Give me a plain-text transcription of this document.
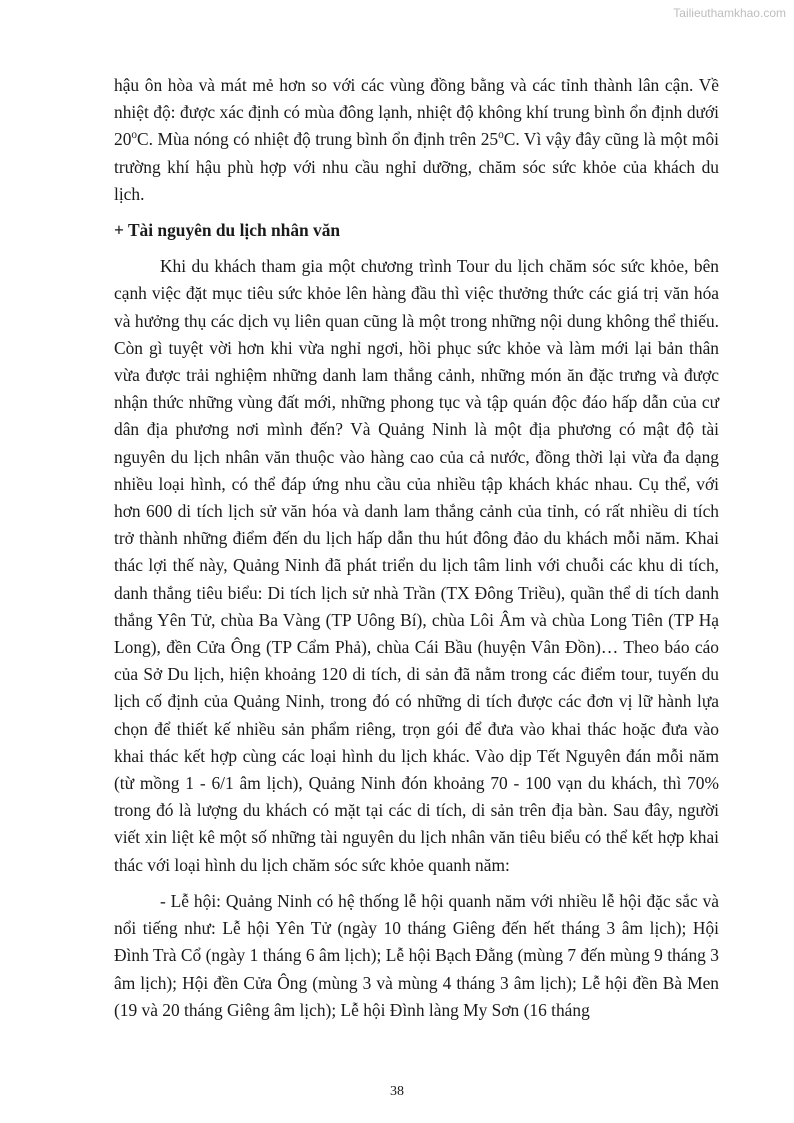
Tailieuthamkhao.com

hậu ôn hòa và mát mẻ hơn so với các vùng đồng bằng và các tỉnh thành lân cận. Về nhiệt độ: được xác định có mùa đông lạnh, nhiệt độ không khí trung bình ổn định dưới 20$^o$C. Mùa nóng có nhiệt độ trung bình ổn định trên 25$^o$C. Vì vậy đây cũng là một môi trường khí hậu phù hợp với nhu cầu nghỉ dưỡng, chăm sóc sức khỏe của khách du lịch.

+ Tài nguyên du lịch nhân văn

Khi du khách tham gia một chương trình Tour du lịch chăm sóc sức khỏe, bên cạnh việc đặt mục tiêu sức khỏe lên hàng đầu thì việc thưởng thức các giá trị văn hóa và hưởng thụ các dịch vụ liên quan cũng là một trong những nội dung không thể thiếu. Còn gì tuyệt vời hơn khi vừa nghỉ ngơi, hồi phục sức khỏe và làm mới lại bản thân vừa được trải nghiệm những danh lam thắng cảnh, những món ăn đặc trưng và được nhận thức những vùng đất mới, những phong tục và tập quán độc đáo hấp dẫn của cư dân địa phương nơi mình đến? Và Quảng Ninh là một địa phương có mật độ tài nguyên du lịch nhân văn thuộc vào hàng cao của cả nước, đồng thời lại vừa đa dạng nhiều loại hình, có thể đáp ứng nhu cầu của nhiều tập khách khác nhau. Cụ thể, với hơn 600 di tích lịch sử văn hóa và danh lam thắng cảnh của tỉnh, có rất nhiều di tích trở thành những điểm đến du lịch hấp dẫn thu hút đông đảo du khách mỗi năm. Khai thác lợi thế này, Quảng Ninh đã phát triển du lịch tâm linh với chuỗi các khu di tích, danh thắng tiêu biểu: Di tích lịch sử nhà Trần (TX Đông Triều), quần thể di tích danh thắng Yên Tử, chùa Ba Vàng (TP Uông Bí), chùa Lôi Âm và chùa Long Tiên (TP Hạ Long), đền Cửa Ông (TP Cẩm Phả), chùa Cái Bầu (huyện Vân Đồn)… Theo báo cáo của Sở Du lịch, hiện khoảng 120 di tích, di sản đã nằm trong các điểm tour, tuyến du lịch cố định của Quảng Ninh, trong đó có những di tích được các đơn vị lữ hành lựa chọn để thiết kế nhiều sản phẩm riêng, trọn gói để đưa vào khai thác hoặc đưa vào khai thác kết hợp cùng các loại hình du lịch khác. Vào dịp Tết Nguyên đán mỗi năm (từ mồng 1 - 6/1 âm lịch), Quảng Ninh đón khoảng 70 - 100 vạn du khách, thì 70% trong đó là lượng du khách có mặt tại các di tích, di sản trên địa bàn. Sau đây, người viết xin liệt kê một số những tài nguyên du lịch nhân văn tiêu biểu có thể kết hợp khai thác với loại hình du lịch chăm sóc sức khỏe quanh năm:

- Lễ hội: Quảng Ninh có hệ thống lễ hội quanh năm với nhiều lễ hội đặc sắc và nổi tiếng như: Lễ hội Yên Tử (ngày 10 tháng Giêng đến hết tháng 3 âm lịch); Hội Đình Trà Cổ (ngày 1 tháng 6 âm lịch); Lễ hội Bạch Đằng (mùng 7 đến mùng 9 tháng 3 âm lịch); Hội đền Cửa Ông (mùng 3 và mùng 4 tháng 3 âm lịch); Lễ hội đền Bà Men (19 và 20 tháng Giêng âm lịch); Lễ hội Đình làng My Sơn (16 tháng

38
